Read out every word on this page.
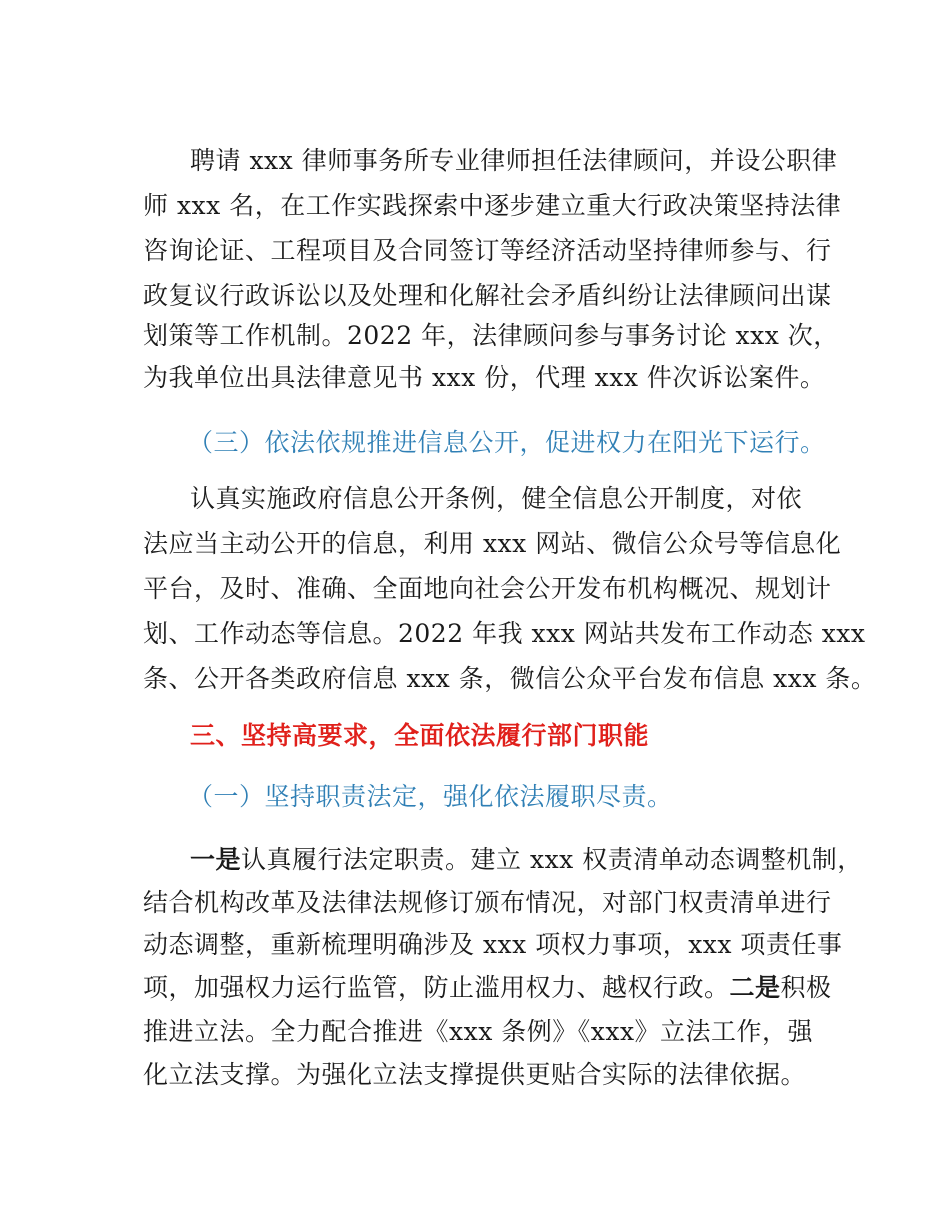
聘请 xxx 律师事务所专业律师担任法律顾问，并设公职律
师 xxx 名，在工作实践探索中逐步建立重大行政决策坚持法律
咨询论证、工程项目及合同签订等经济活动坚持律师参与、行
政复议行政诉讼以及处理和化解社会矛盾纠纷让法律顾问出谋
划策等工作机制。2022 年，法律顾问参与事务讨论 xxx 次，
为我单位出具法律意见书 xxx 份，代理 xxx 件次诉讼案件。
（三）依法依规推进信息公开，促进权力在阳光下运行。
认真实施政府信息公开条例，健全信息公开制度，对依
法应当主动公开的信息，利用 xxx 网站、微信公众号等信息化
平台，及时、准确、全面地向社会公开发布机构概况、规划计
划、工作动态等信息。2022 年我 xxx 网站共发布工作动态 xxx
条、公开各类政府信息 xxx 条，微信公众平台发布信息 xxx 条。
三、坚持高要求，全面依法履行部门职能
（一）坚持职责法定，强化依法履职尽责。
一是认真履行法定职责。建立 xxx 权责清单动态调整机制，
结合机构改革及法律法规修订颁布情况，对部门权责清单进行
动态调整，重新梳理明确涉及 xxx 项权力事项，xxx 项责任事
项，加强权力运行监管，防止滥用权力、越权行政。二是积极
推进立法。全力配合推进《xxx 条例》《xxx》立法工作，强
化立法支撑。为强化立法支撑提供更贴合实际的法律依据。
